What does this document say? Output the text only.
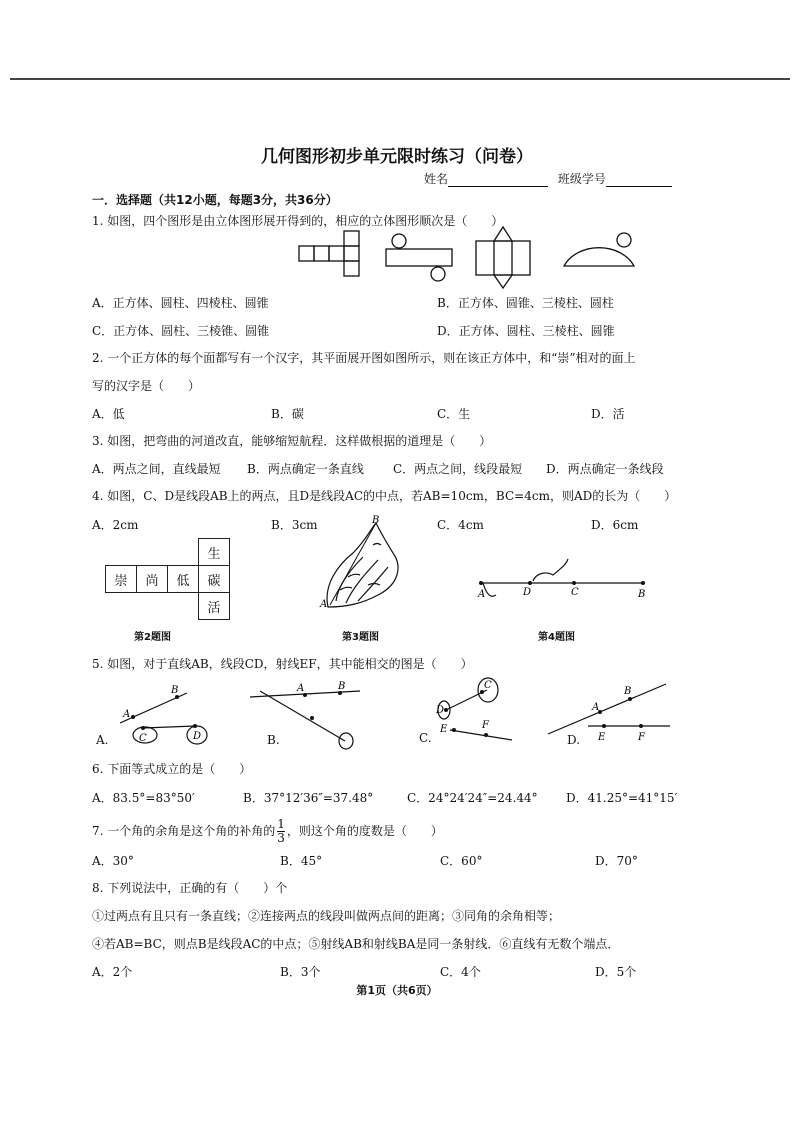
几何图形初步单元限时练习（问卷）
姓名	班级学号
一．选择题（共12小题，每题3分，共36分）
1. 如图，四个图形是由立体图形展开得到的，相应的立体图形顺次是（　　）
A．正方体、圆柱、四棱柱、圆锥	B．正方体、圆锥、三棱柱、圆柱
C．正方体、圆柱、三棱锥、圆锥	D．正方体、圆柱、三棱柱、圆锥
2. 一个正方体的每个面都写有一个汉字，其平面展开图如图所示，则在该正方体中，和“崇”相对的面上
写的汉字是（　　）
A．低	B．碳	C．生	D．活
3. 如图，把弯曲的河道改直，能够缩短航程．这样做根据的道理是（　　）
A．两点之间，直线最短 B．两点确定一条直线 C．两点之间，线段最短 D．两点确定一条线段
4. 如图，C、D是线段AB上的两点，且D是线段AC的中点，若AB=10cm，BC=4cm，则AD的长为（　　）
A．2cm	B．3cm	C．4cm	D．6cm
			生
崇	尚	低	碳
			活
第2题图
B
A
第3题图
A	D	C	B
第4题图
5. 如图，对于直线AB，线段CD，射线EF，其中能相交的图是（　　）
A
B
C	D
A.
A	B
B.
D
C
E	F
C.
A
B
E	F
D.
6. 下面等式成立的是（　　）
A．83.5°=83°50′	B．37°12′36″=37.48°	C．24°24′24″=24.44° D．41.25°=41°15′
7. 一个角的余角是这个角的补角的 $\frac{1}{3}$ ，则这个角的度数是（　　）
A．30°	B．45°	C．60°	D．70°
8. 下列说法中，正确的有（　　）个
①过两点有且只有一条直线；②连接两点的线段叫做两点间的距离；③同角的余角相等；
④若AB=BC，则点B是线段AC的中点；⑤射线AB和射线BA是同一条射线．⑥直线有无数个端点．
A．2个	B．3个	C．4个	D．5个
第1页（共6页）
